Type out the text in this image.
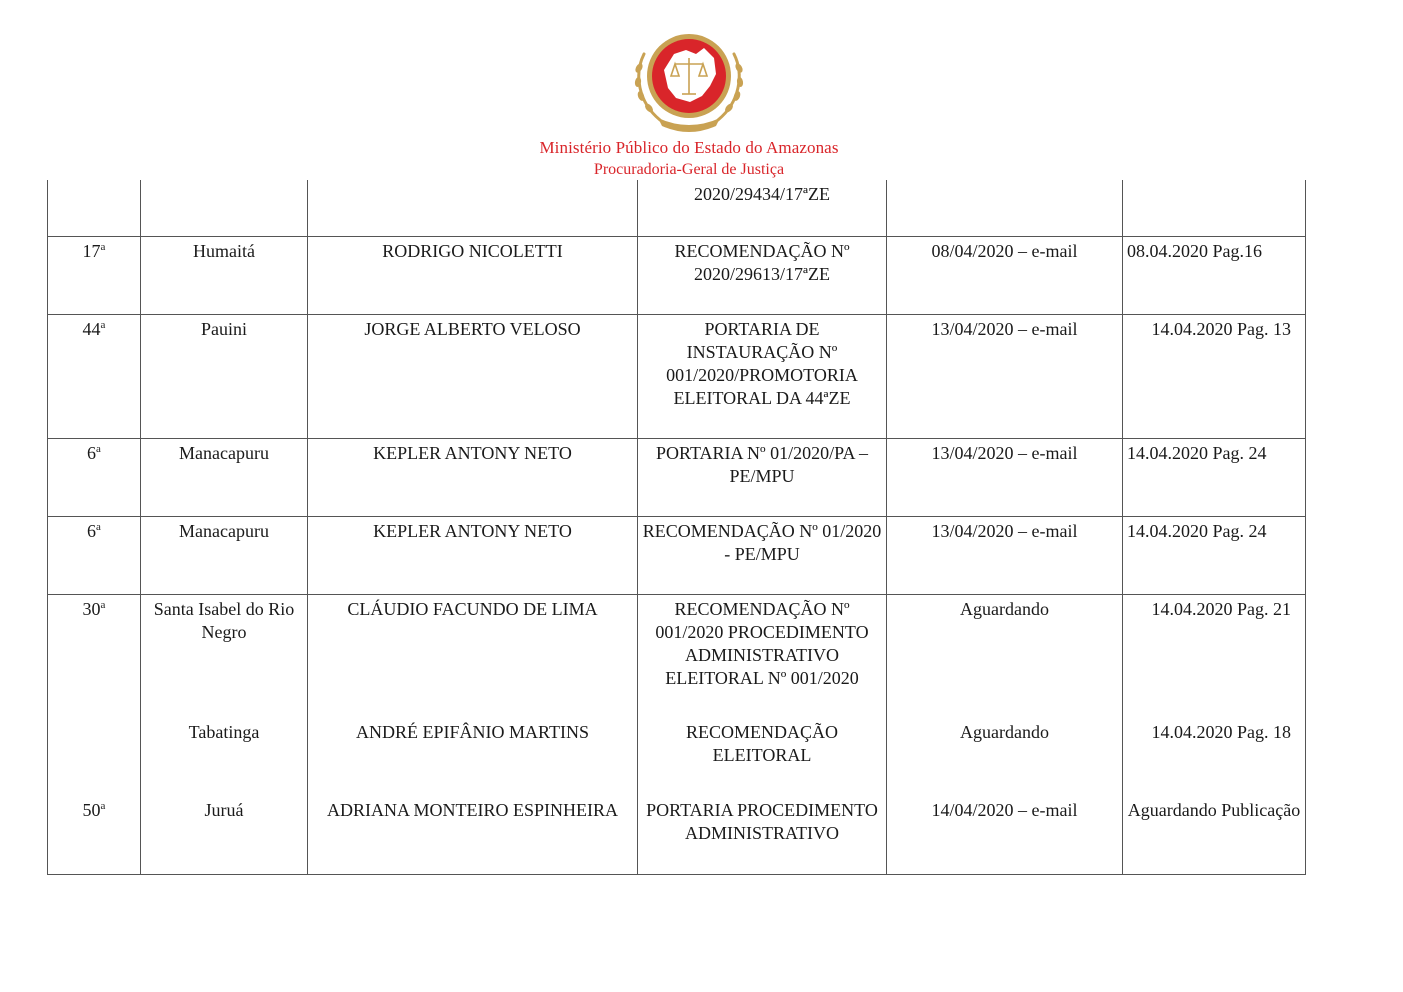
Ministério Público do Estado do Amazonas
Procuradoria-Geral de Justiça
			2020/29434/17ªZE		
17$^a$	Humaitá	RODRIGO NICOLETTI	RECOMENDAÇÃO Nº 2020/29613/17ªZE	08/04/2020 – e-mail	08.04.2020 Pag.16
44$^a$	Pauini	JORGE ALBERTO VELOSO	PORTARIA DE INSTAURAÇÃO Nº 001/2020/PROMOTORIA ELEITORAL DA 44ªZE	13/04/2020 – e-mail	14.04.2020 Pag. 13
6$^a$	Manacapuru	KEPLER ANTONY NETO	PORTARIA Nº 01/2020/PA – PE/MPU	13/04/2020 – e-mail	14.04.2020 Pag. 24
6$^a$	Manacapuru	KEPLER ANTONY NETO	RECOMENDAÇÃO Nº 01/2020 - PE/MPU	13/04/2020 – e-mail	14.04.2020 Pag. 24
30$^a$	Santa Isabel do Rio Negro	CLÁUDIO FACUNDO DE LIMA	RECOMENDAÇÃO Nº 001/2020 PROCEDIMENTO ADMINISTRATIVO ELEITORAL Nº 001/2020	Aguardando	14.04.2020 Pag. 21
	Tabatinga	ANDRÉ EPIFÂNIO MARTINS	RECOMENDAÇÃO ELEITORAL	Aguardando	14.04.2020 Pag. 18
50$^a$	Juruá	ADRIANA MONTEIRO ESPINHEIRA	PORTARIA PROCEDIMENTO ADMINISTRATIVO	14/04/2020 – e-mail	Aguardando Publicação
